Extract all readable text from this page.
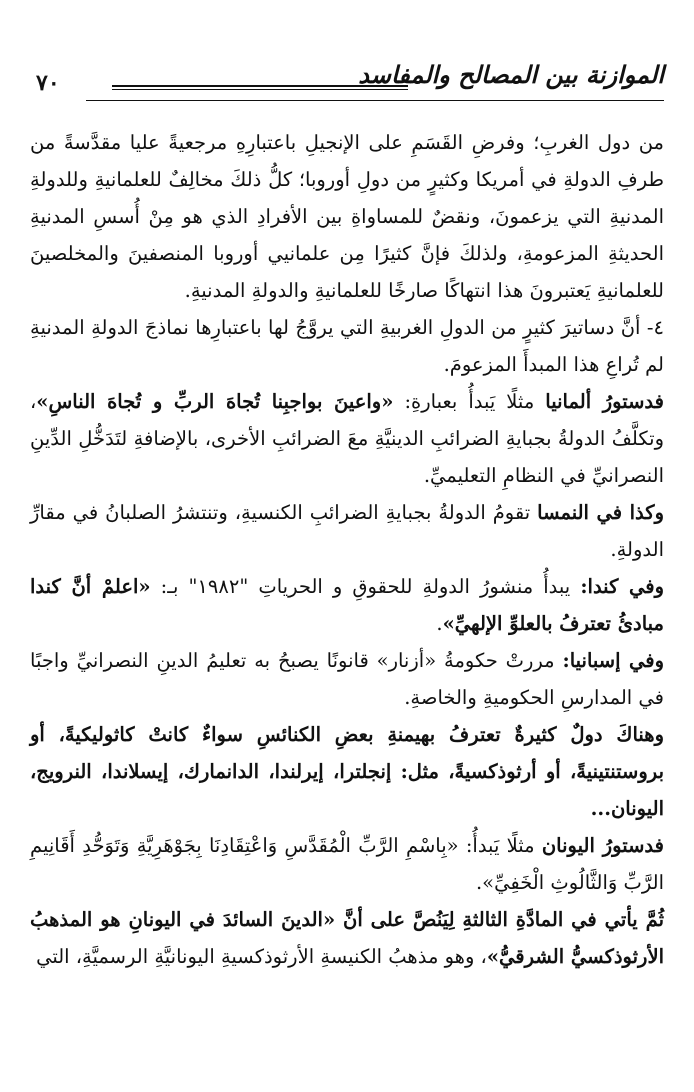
الموازنة بين المصالح والمفاسد
٧٠

من دول الغربِ؛ وفرضِ القَسَمِ على الإنجيلِ باعتبارِهِ مرجعيةً عليا مقدَّسةً من طرفِ الدولةِ في أمريكا وكثيرٍ من دولِ أوروبا؛ كلُّ ذلكَ مخالِفٌ للعلمانيةِ وللدولةِ المدنيةِ التي يزعمونَ، ونقضٌ للمساواةِ بين الأفرادِ الذي هو مِنْ أُسسِ المدنيةِ الحديثةِ المزعومةِ، ولذلكَ فإنَّ كثيرًا مِن علمانيي أوروبا المنصفينَ والمخلصينَ للعلمانيةِ يَعتبرونَ هذا انتهاكًا صارخًا للعلمانيةِ والدولةِ المدنيةِ.

٤- أنَّ دساتيرَ كثيرٍ من الدولِ الغربيةِ التي يروَّجُ لها باعتبارِها نماذجَ الدولةِ المدنيةِ لم تُراعِ هذا المبدأَ المزعومَ.

فدستورُ ألمانيا مثلًا يَبدأُ بعبارةِ: «واعينَ بواجبِنا تُجاهَ الربِّ و تُجاهَ الناسِ»، وتكلَّفُ الدولةُ بجبايةِ الضرائبِ الدينيَّةِ معَ الضرائبِ الأخرى، بالإضافةِ لتَدَخُّلِ الدِّينِ النصرانيِّ في النظامِ التعليميِّ.

وكذا في النمسا تقومُ الدولةُ بجبايةِ الضرائبِ الكنسيةِ، وتنتشرُ الصلبانُ في مقارِّ الدولةِ.

وفي كندا: يبدأُ منشورُ الدولةِ للحقوقِ و الحرياتِ "١٩٨٢" بـ: «اعلمْ أنَّ كندا مبادئُ تعترفُ بالعلوِّ الإلهيِّ».

وفي إسبانيا: مررتْ حكومةُ «أزنار» قانونًا يصبحُ به تعليمُ الدينِ النصرانيِّ واجبًا في المدارسِ الحكوميةِ والخاصةِ.

وهناكَ دولٌ كثيرةٌ تعترفُ بهيمنةِ بعضِ الكنائسِ سواءٌ كانتْ كاثوليكيةً، أو بروستنتينيةً، أو أرثوذكسيةً، مثل: إنجلترا، إيرلندا، الدانمارك، إيسلاندا، النرويج، اليونان...

فدستورُ اليونان مثلًا يَبدأُ: «بِاسْمِ الرَّبِّ الْمُقَدَّسِ وَاعْتِقَادِنَا بِجَوْهَرِيَّةِ وَتَوَحُّدِ أَقَانِيمِ الرَّبِّ وَالثَّالُوثِ الْخَفِيِّ».

ثُمَّ يأتي في المادَّةِ الثالثةِ لِيَنُصَّ على أنَّ «الدينَ السائدَ في اليونانِ هو المذهبُ الأرثوذكسيُّ الشرقيُّ»، وهو مذهبُ الكنيسةِ الأرثوذكسيةِ اليونانيَّةِ الرسميَّةِ، التي
